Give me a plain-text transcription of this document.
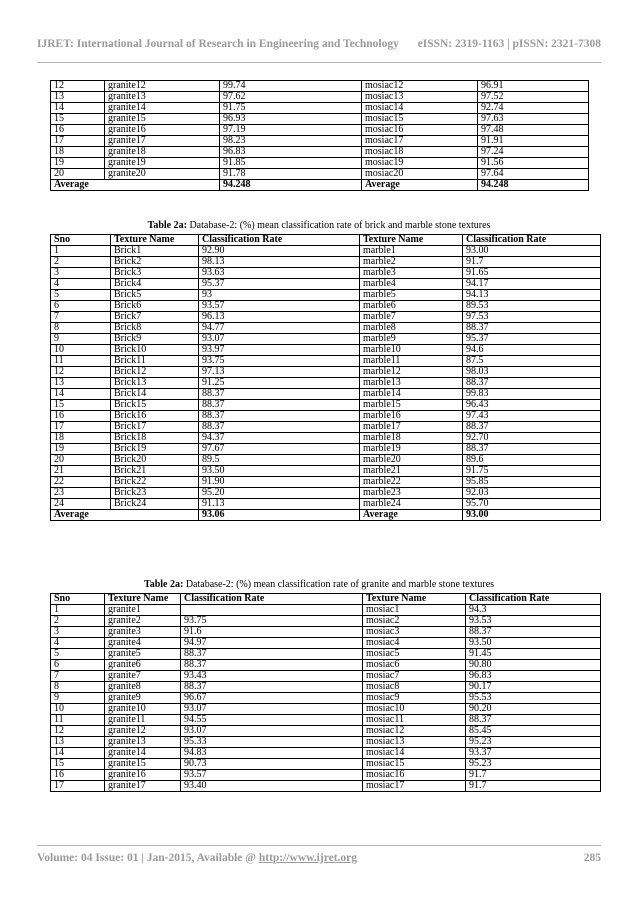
IJRET: International Journal of Research in Engineering and Technology eISSN: 2319-1163 | pISSN: 2321-7308
12	granite12	99.74	mosiac12	96.91
13	granite13	97.62	mosiac13	97.52
14	granite14	91.75	mosiac14	92.74
15	granite15	96.93	mosiac15	97.63
16	granite16	97.19	mosiac16	97.48
17	granite17	98.23	mosiac17	91.91
18	granite18	96.83	mosiac18	97.24
19	granite19	91.85	mosiac19	91.56
20	granite20	91.78	mosiac20	97.64
Average		94.248	Average	94.248
Table 2a: Database-2: (%) mean classification rate of brick and marble stone textures
Sno	Texture Name	Classification Rate	Texture Name	Classification Rate
1	Brick1	92.90	marble1	93.00
2	Brick2	98.13	marble2	91.7
3	Brick3	93.63	marble3	91.65
4	Brick4	95.37	marble4	94.17
5	Brick5	93	marble5	94.13
6	Brick6	93.57	marble6	89.53
7	Brick7	96.13	marble7	97.53
8	Brick8	94.77	marble8	88.37
9	Brick9	93.07	marble9	95.37
10	Brick10	93.97	marble10	94.6
11	Brick11	93.75	marble11	87.5
12	Brick12	97.13	marble12	98.03
13	Brick13	91.25	marble13	88.37
14	Brick14	88.37	marble14	99.83
15	Brick15	88.37	marble15	96.43
16	Brick16	88.37	marble16	97.43
17	Brick17	88.37	marble17	88.37
18	Brick18	94.37	marble18	92.70
19	Brick19	97.67	marble19	88.37
20	Brick20	89.5	marble20	89.6
21	Brick21	93.50	marble21	91.75
22	Brick22	91.90	marble22	95.85
23	Brick23	95.20	marble23	92.03
24	Brick24	91.13	marble24	95.70
Average		93.06	Average	93.00
Table 2a: Database-2: (%) mean classification rate of granite and marble stone textures
Sno	Texture Name	Classification Rate	Texture Name	Classification Rate
1	granite1		mosiac1	94.3
2	granite2	93.75	mosiac2	93.53
3	granite3	91.6	mosiac3	88.37
4	granite4	94.97	mosiac4	93.50
5	granite5	88.37	mosiac5	91.45
6	granite6	88.37	mosiac6	90.80
7	granite7	93.43	mosiac7	96.83
8	granite8	88.37	mosiac8	90.17
9	granite9	96.67	mosiac9	95.53
10	granite10	93.07	mosiac10	90.20
11	granite11	94.55	mosiac11	88.37
12	granite12	93.07	mosiac12	85.45
13	granite13	95.33	mosiac13	95.23
14	granite14	94.83	mosiac14	93.37
15	granite15	90.73	mosiac15	95.23
16	granite16	93.57	mosiac16	91.7
17	granite17	93.40	mosiac17	91.7
Volume: 04 Issue: 01 | Jan-2015, Available @ http://www.ijret.org	285
